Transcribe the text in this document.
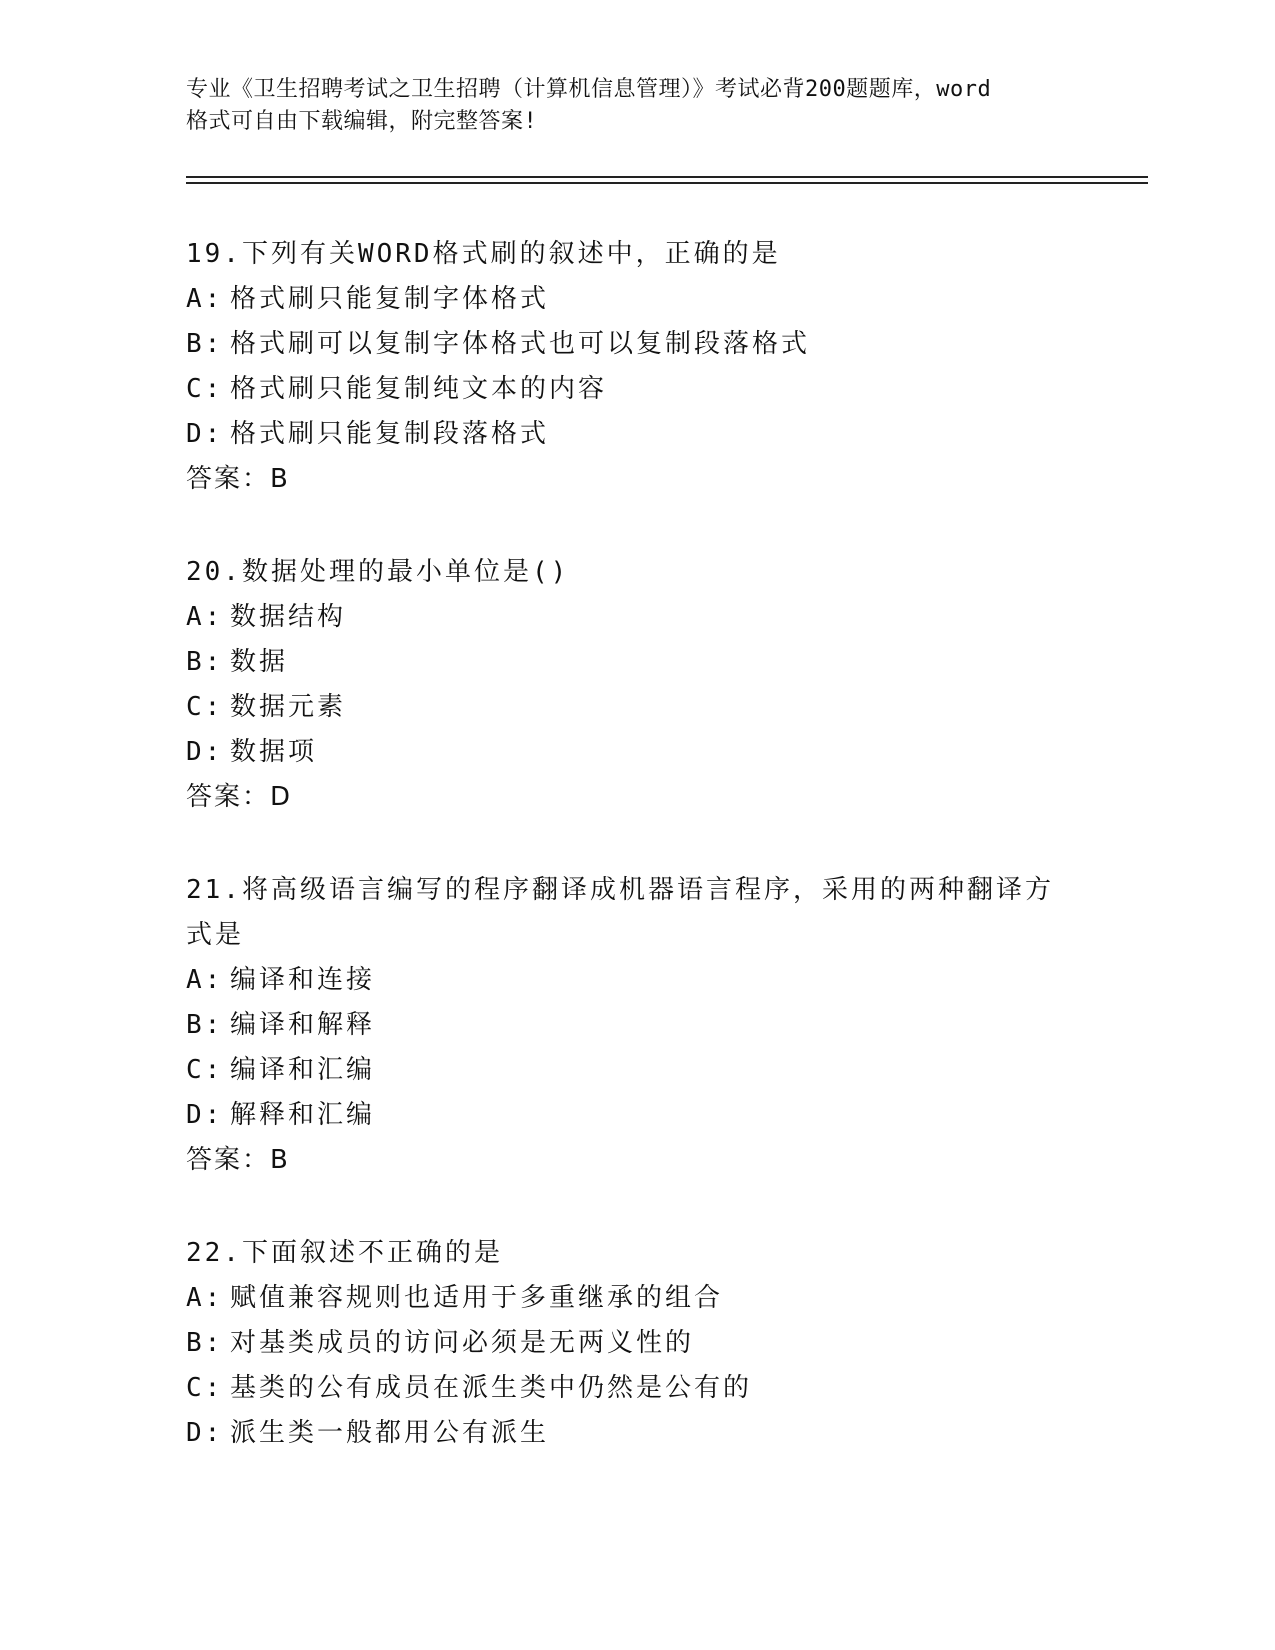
专业《卫生招聘考试之卫生招聘（计算机信息管理）》考试必背200题题库，word
格式可自由下载编辑，附完整答案!
19.下列有关WORD格式刷的叙述中，正确的是
A: 格式刷只能复制字体格式
B: 格式刷可以复制字体格式也可以复制段落格式
C: 格式刷只能复制纯文本的内容
D: 格式刷只能复制段落格式
答案：B
20.数据处理的最小单位是()
A: 数据结构
B: 数据
C: 数据元素
D: 数据项
答案：D
21.将高级语言编写的程序翻译成机器语言程序，采用的两种翻译方式是
A: 编译和连接
B: 编译和解释
C: 编译和汇编
D: 解释和汇编
答案：B
22.下面叙述不正确的是
A: 赋值兼容规则也适用于多重继承的组合
B: 对基类成员的访问必须是无两义性的
C: 基类的公有成员在派生类中仍然是公有的
D: 派生类一般都用公有派生
